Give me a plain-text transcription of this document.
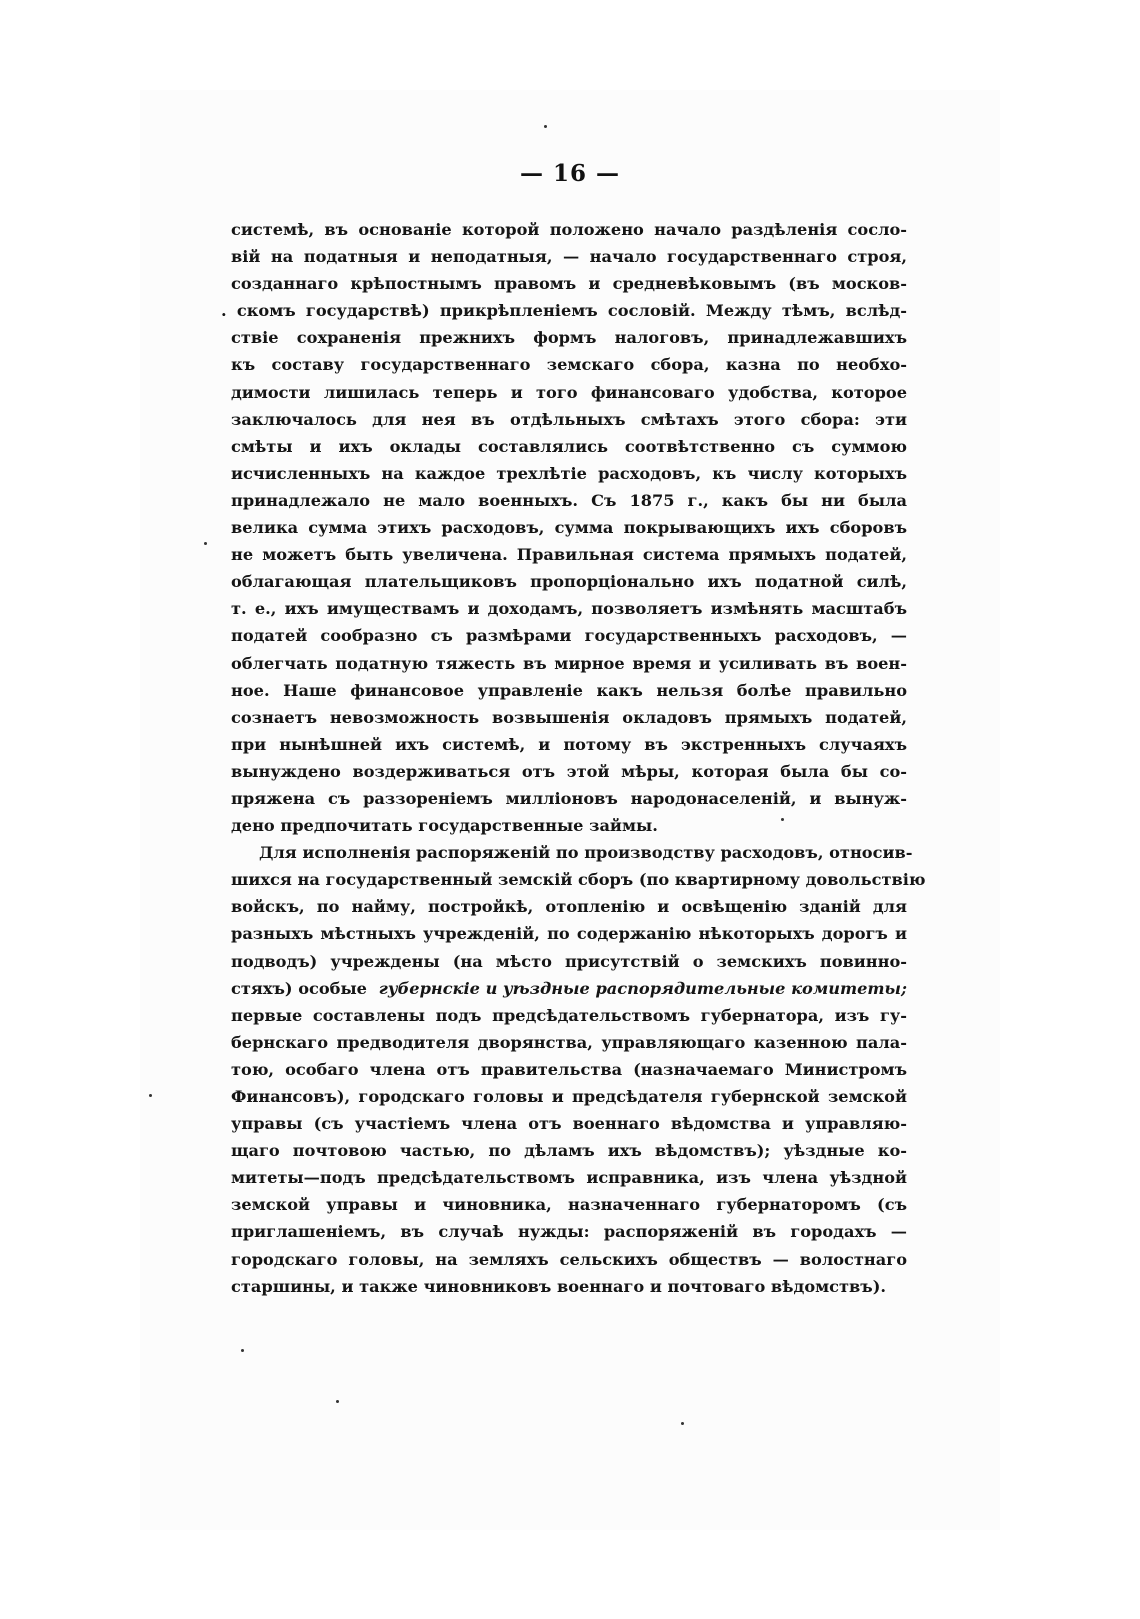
— 16 —
системѣ, въ основаніе которой положено начало раздѣленія сосло-
вій на податныя и неподатныя, — начало государственнаго строя,
созданнаго крѣпостнымъ правомъ и средневѣковымъ (въ москов-
. скомъ государствѣ) прикрѣпленіемъ сословій. Между тѣмъ, вслѣд-
ствіе сохраненія прежнихъ формъ налоговъ, принадлежавшихъ
къ составу государственнаго земскаго сбора, казна по необхо-
димости лишилась теперь и того финансоваго удобства, которое
заключалось для нея въ отдѣльныхъ смѣтахъ этого сбора: эти
смѣты и ихъ оклады составлялись соотвѣтственно съ суммою
исчисленныхъ на каждое трехлѣтіе расходовъ, къ числу которыхъ
принадлежало не мало военныхъ. Съ 1875 г., какъ бы ни была
велика сумма этихъ расходовъ, сумма покрывающихъ ихъ сборовъ
не можетъ быть увеличена. Правильная система прямыхъ податей,
облагающая плательщиковъ пропорціонально ихъ податной силѣ,
т. е., ихъ имуществамъ и доходамъ, позволяетъ измѣнять масштабъ
податей сообразно съ размѣрами государственныхъ расходовъ, —
облегчать податную тяжесть въ мирное время и усиливать въ воен-
ное. Наше финансовое управленіе какъ нельзя болѣе правильно
сознаетъ невозможность возвышенія окладовъ прямыхъ податей,
при нынѣшней ихъ системѣ, и потому въ экстренныхъ случаяхъ
вынуждено воздерживаться отъ этой мѣры, которая была бы со-
пряжена съ раззореніемъ милліоновъ народонаселеній, и вынуж-
дено предпочитать государственные займы.
Для исполненія распоряженій по производству расходовъ, относив-
шихся на государственный земскій сборъ (по квартирному довольствію
войскъ, по найму, постройкѣ, отопленію и освѣщенію зданій для
разныхъ мѣстныхъ учрежденій, по содержанію нѣкоторыхъ дорогъ и
подводъ) учреждены (на мѣсто присутствій о земскихъ повинно-
стяхъ) особые губернскіе и уѣздные распорядительные комитеты;
первые составлены подъ предсѣдательствомъ губернатора, изъ гу-
бернскаго предводителя дворянства, управляющаго казенною пала-
тою, особаго члена отъ правительства (назначаемаго Министромъ
Финансовъ), городскаго головы и предсѣдателя губернской земской
управы (съ участіемъ члена отъ военнаго вѣдомства и управляю-
щаго почтовою частью, по дѣламъ ихъ вѣдомствъ); уѣздные ко-
митеты—подъ предсѣдательствомъ исправника, изъ члена уѣздной
земской управы и чиновника, назначеннаго губернаторомъ (съ
приглашеніемъ, въ случаѣ нужды: распоряженій въ городахъ —
городскаго головы, на земляхъ сельскихъ обществъ — волостнаго
старшины, и также чиновниковъ военнаго и почтоваго вѣдомствъ).
